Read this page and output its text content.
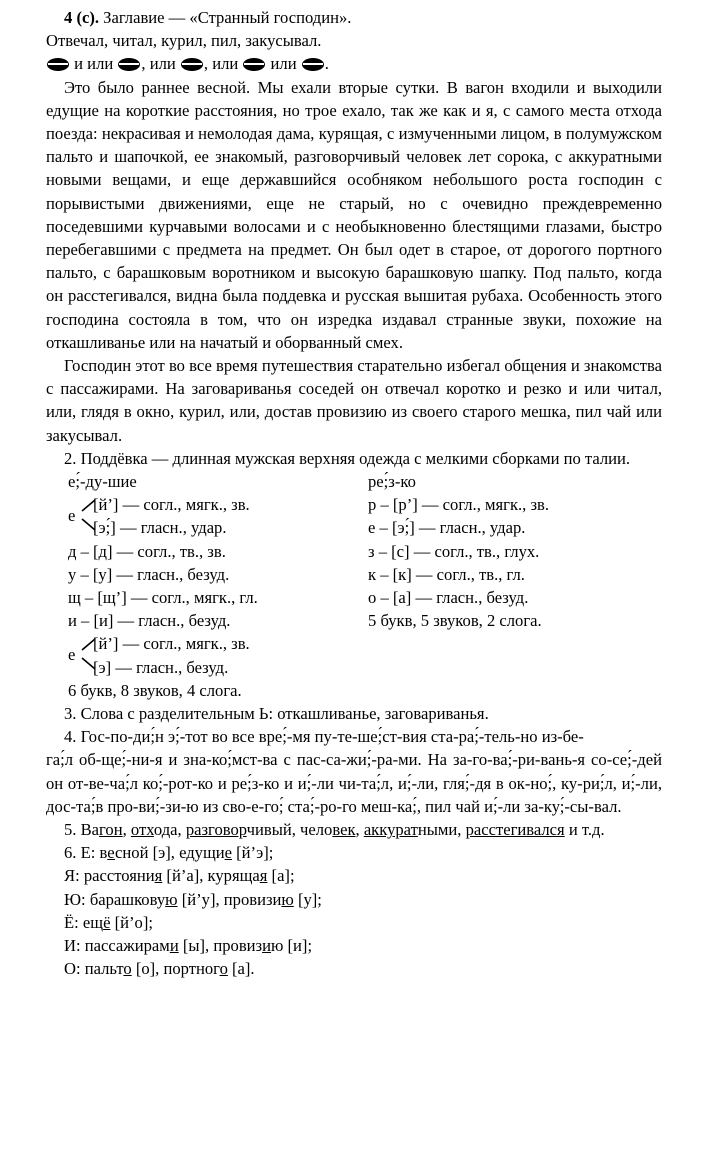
4 (с). Заглавие — «Странный господин».

Отвечал, читал, курил, пил, закусывал.

и или , или , или или .

Это было раннее весной. Мы ехали вторые сутки. В вагон входили и выходили едущие на короткие расстояния, но трое ехало, так же как и я, с самого места отхода поезда: некрасивая и немолодая дама, курящая, с измученными лицом, в полумужском пальто и шапочкой, ее знакомый, разговорчивый человек лет сорока, с аккуратными новыми вещами, и еще державшийся особняком небольшого роста господин с порывистыми движениями, еще не старый, но с очевидно преждевременно поседевшими курчавыми волосами и с необыкновенно блестящими глазами, быстро перебегавшими с предмета на предмет. Он был одет в старое, от дорогого портного пальто, с барашковым воротником и высокую барашковую шапку. Под пальто, когда он расстегивался, видна была поддевка и русская вышитая рубаха. Особенность этого господина состояла в том, что он изредка издавал странные звуки, похожие на откашливанье или на начатый и оборванный смех.

Господин этот во все время путешествия старательно избегал общения и знакомства с пассажирами. На заговариванья соседей он отвечал коротко и резко и или читал, или, глядя в окно, курил, или, достав провизию из своего старого мешка, пил чай или закусывал.

2. Поддёвка — длинная мужская верхняя одежда с мелкими сборками по талии.

е;́-ду-шие
е
[й’] — согл., мягк., зв.
[э;́] — гласн., удар.
д – [д] — согл., тв., зв.
у – [у] — гласн., безуд.
щ – [щ’] — согл., мягк., гл.
и – [и] — гласн., безуд.
е
[й’] — согл., мягк., зв.
[э] — гласн., безуд.
6 букв, 8 звуков, 4 слога.
ре;́з-ко
р – [р’] — согл., мягк., зв.
е – [э;́] — гласн., удар.
з – [с] — согл., тв., глух.
к – [к] — согл., тв., гл.
о – [а] — гласн., безуд.
5 букв, 5 звуков, 2 слога.

3. Слова с разделительным Ь: откашливанье, заговариванья.

4. Гос-по-ди;́н э;́-тот во все вре;́-мя пу-те-ше;́ст-вия ста-ра;́-тель-но из-бе-

га;́л об-ще;́-ни-я и зна-ко;́мст-ва с пас-са-жи;́-ра-ми. На за-го-ва;́-ри-вань-я со-се;́-дей он от-ве-ча;́л ко;́-рот-ко и ре;́з-ко и и;́-ли чи-та;́л, и;́-ли, гля;́-дя в ок-но;́, ку-ри;́л, и;́-ли, дос-та;́в про-ви;́-зи-ю из сво-е-го;́ ста;́-ро-го меш-ка;́, пил чай и;́-ли за-ку;́-сы-вал.

5. Вагон, отхода, разговорчивый, человек, аккуратными, расстегивался и т.д.

6. Е: весной [э], едущие [й’э];

Я: расстояния [й’а], курящая [а];

Ю: барашковую [й’у], провизию [у];

Ё: ещё [й’о];

И: пассажирами [ы], провизию [и];

О: пальто [о], портного [а].
